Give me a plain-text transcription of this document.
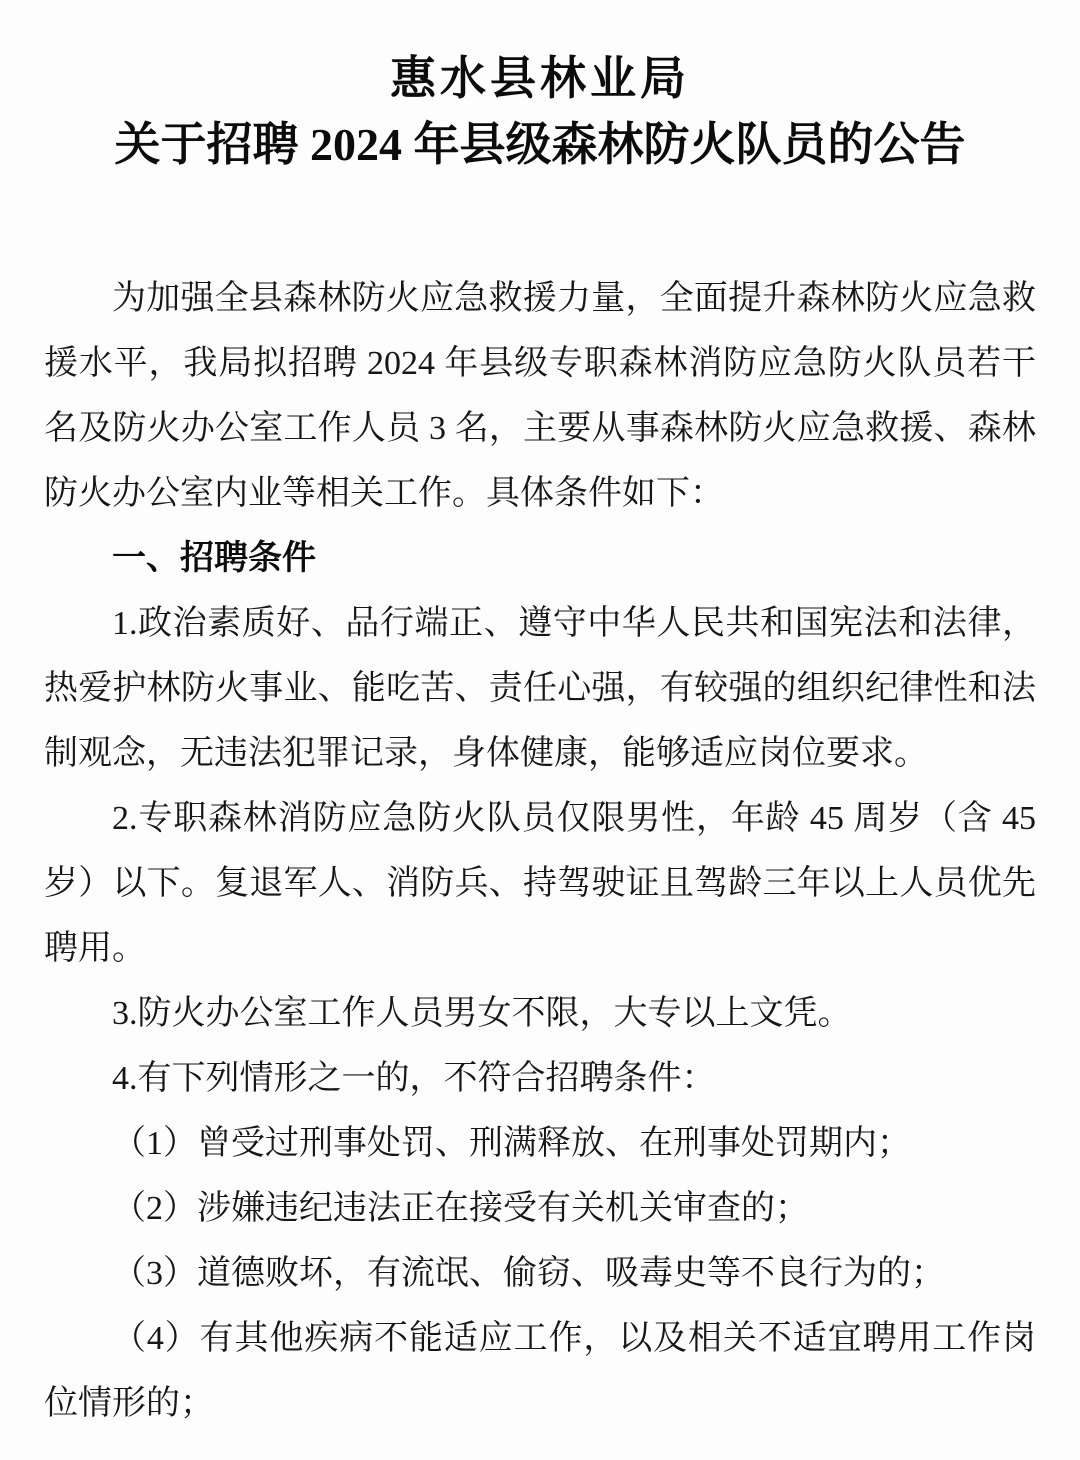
惠水县林业局
关于招聘 2024 年县级森林防火队员的公告

为加强全县森林防火应急救援力量，全面提升森林防火应急救援水平，我局拟招聘 2024 年县级专职森林消防应急防火队员若干名及防火办公室工作人员 3 名，主要从事森林防火应急救援、森林防火办公室内业等相关工作。具体条件如下：

一、招聘条件

1.政治素质好、品行端正、遵守中华人民共和国宪法和法律，热爱护林防火事业、能吃苦、责任心强，有较强的组织纪律性和法制观念，无违法犯罪记录，身体健康，能够适应岗位要求。

2.专职森林消防应急防火队员仅限男性，年龄 45 周岁（含 45 岁）以下。复退军人、消防兵、持驾驶证且驾龄三年以上人员优先聘用。

3.防火办公室工作人员男女不限，大专以上文凭。

4.有下列情形之一的，不符合招聘条件：

（1）曾受过刑事处罚、刑满释放、在刑事处罚期内；

（2）涉嫌违纪违法正在接受有关机关审查的；

（3）道德败坏，有流氓、偷窃、吸毒史等不良行为的；

（4）有其他疾病不能适应工作，以及相关不适宜聘用工作岗位情形的；
